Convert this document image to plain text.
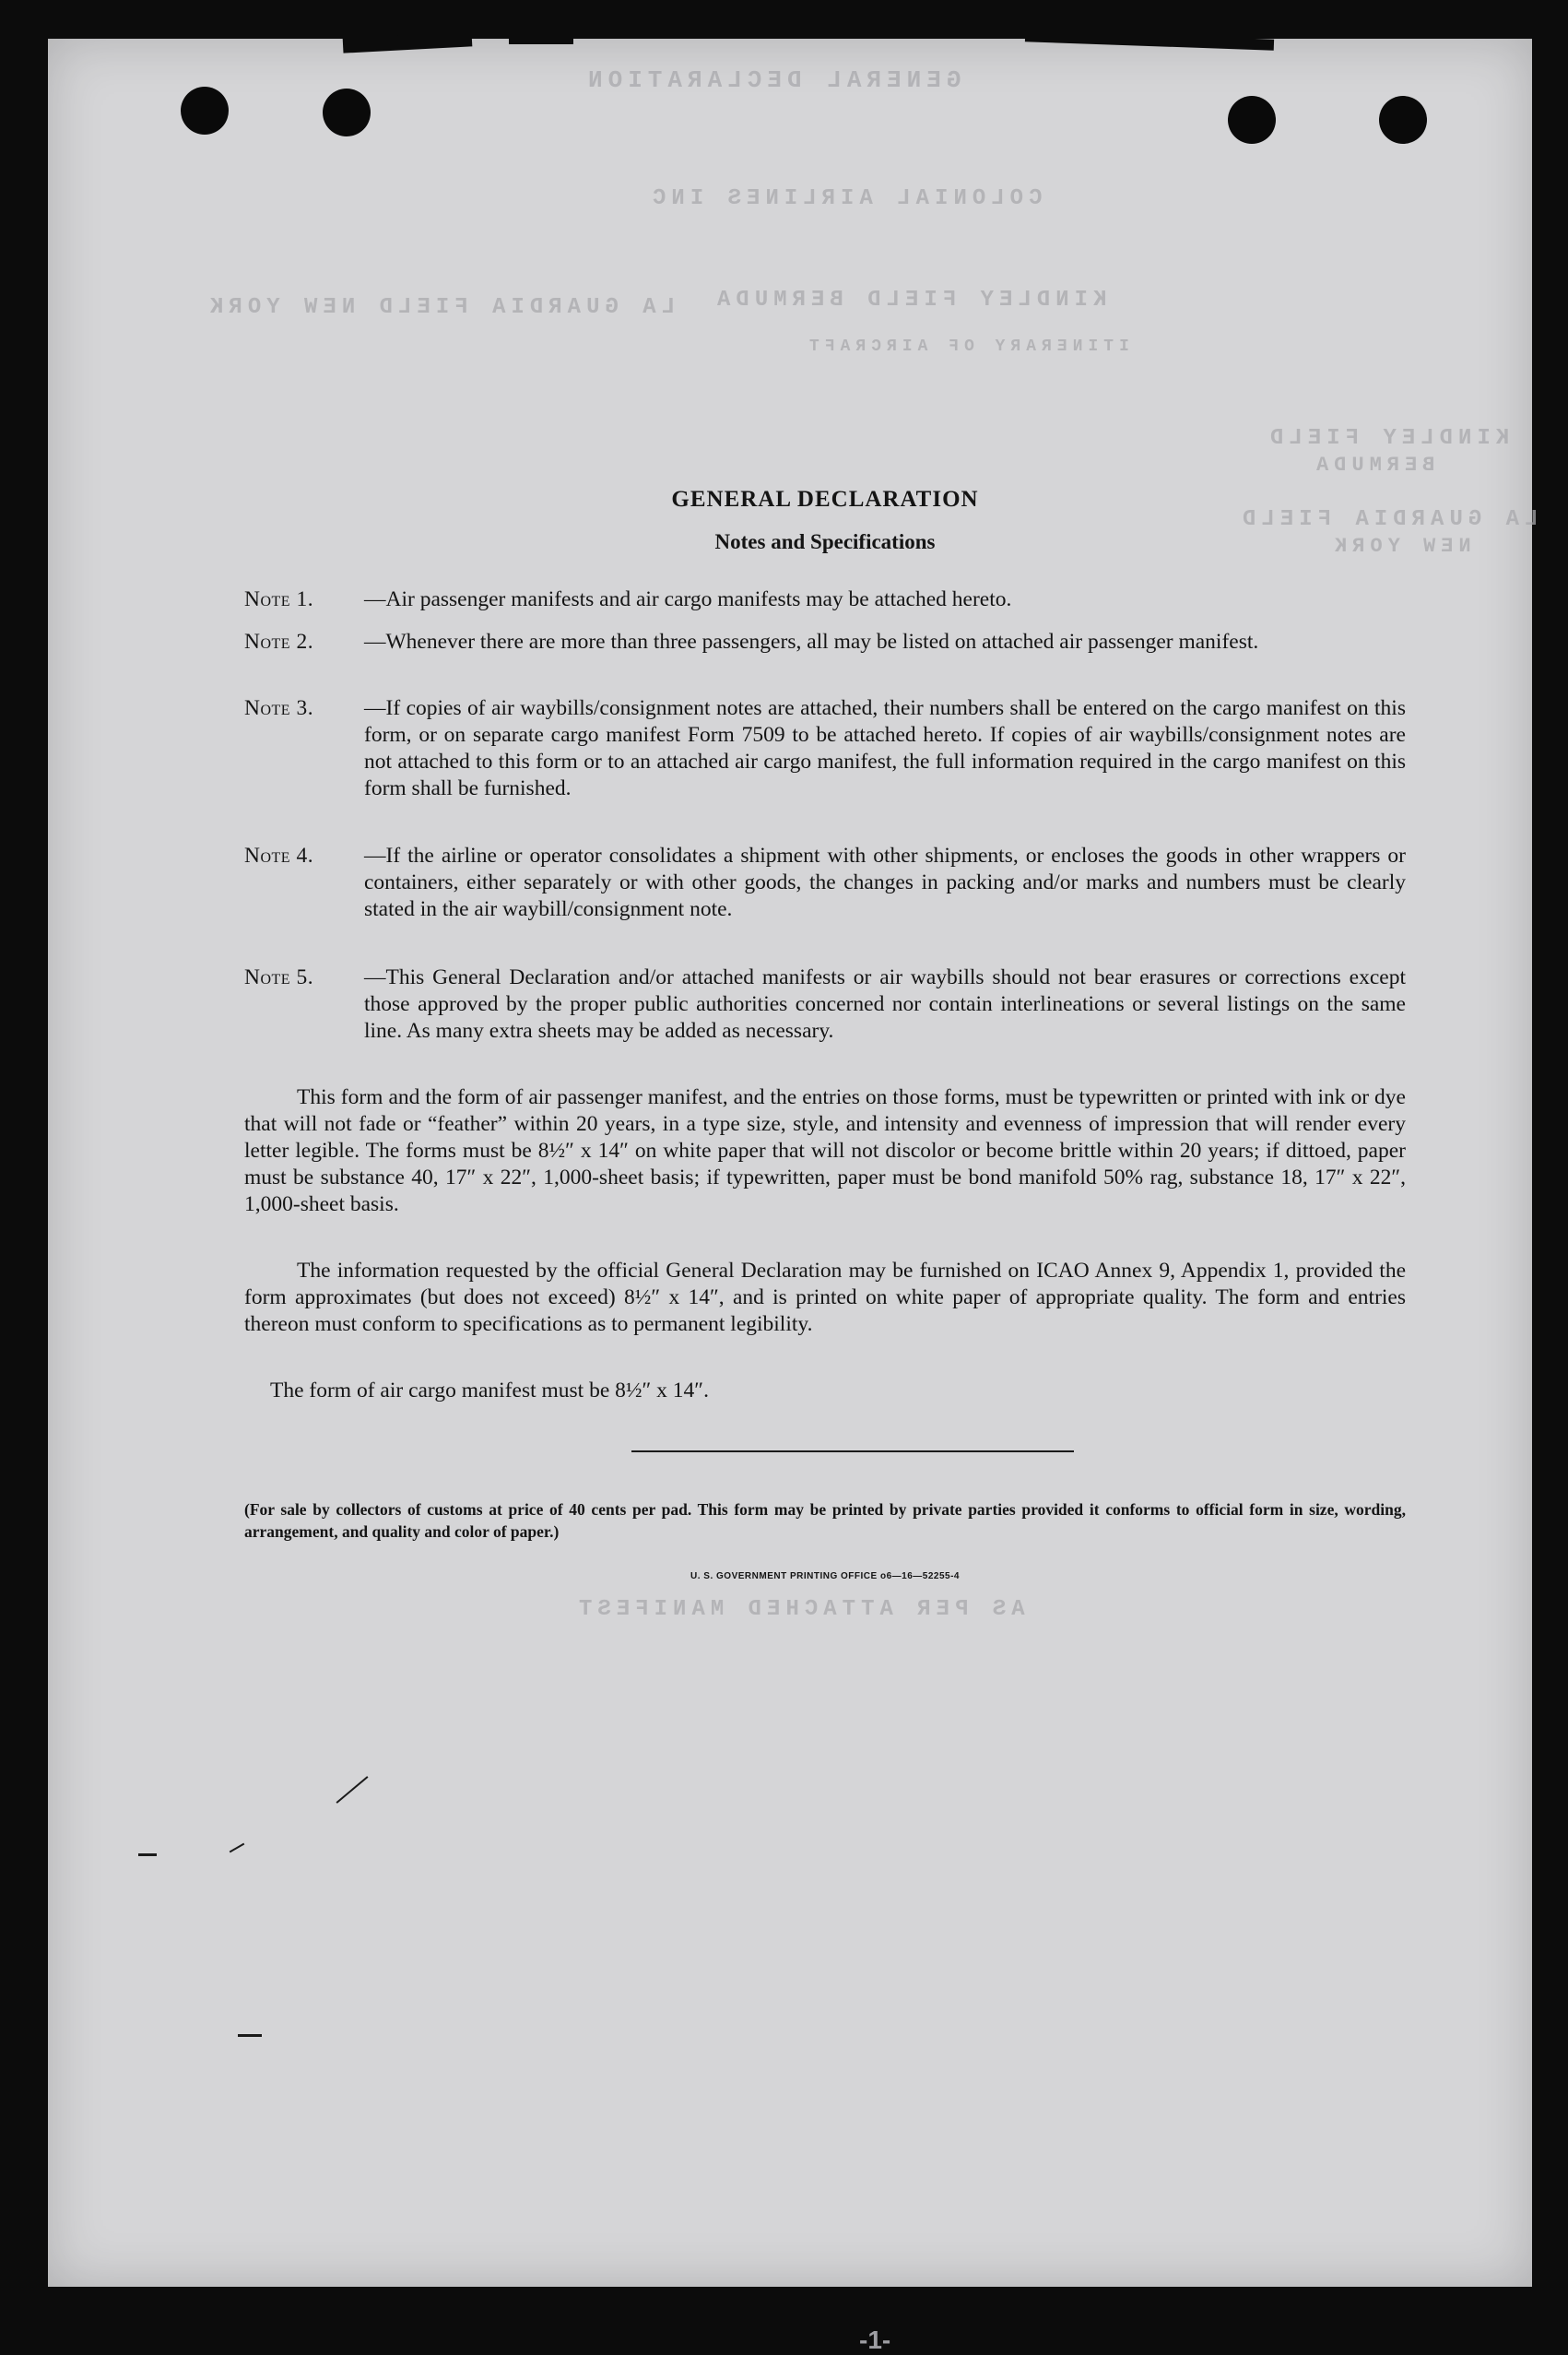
GENERAL DECLARATION
COLONIAL AIRLINES INC
KINDLEY FIELD BERMUDA
LA GUARDIA FIELD NEW YORK
ITINERARY OF AIRCRAFT
KINDLEY FIELD
BERMUDA
LA GUARDIA FIELD
NEW YORK
AS PER ATTACHED MANIFEST
-1-
GENERAL DECLARATION
Notes and Specifications
Note 1.	—Air passenger manifests and air cargo manifests may be attached hereto.
Note 2.	—Whenever there are more than three passengers, all may be listed on attached air passenger manifest.
Note 3.	—If copies of air waybills/consignment notes are attached, their numbers shall be entered on the cargo manifest on this form, or on separate cargo manifest Form 7509 to be attached hereto. If copies of air waybills/consignment notes are not attached to this form or to an attached air cargo manifest, the full information required in the cargo manifest on this form shall be furnished.
Note 4.	—If the airline or operator consolidates a shipment with other shipments, or encloses the goods in other wrappers or containers, either separately or with other goods, the changes in packing and/or marks and numbers must be clearly stated in the air waybill/consignment note.
Note 5.	—This General Declaration and/or attached manifests or air waybills should not bear erasures or corrections except those approved by the proper public authorities concerned nor contain interlineations or several listings on the same line. As many extra sheets may be added as necessary.
This form and the form of air passenger manifest, and the entries on those forms, must be typewritten or printed with ink or dye that will not fade or “feather” within 20 years, in a type size, style, and intensity and evenness of impression that will render every letter legible. The forms must be 8½″ x 14″ on white paper that will not discolor or become brittle within 20 years; if dittoed, paper must be substance 40, 17″ x 22″, 1,000-sheet basis; if typewritten, paper must be bond manifold 50% rag, substance 18, 17″ x 22″, 1,000-sheet basis.
The information requested by the official General Declaration may be furnished on ICAO Annex 9, Appendix 1, provided the form approximates (but does not exceed) 8½″ x 14″, and is printed on white paper of appropriate quality. The form and entries thereon must conform to specifications as to permanent legibility.
The form of air cargo manifest must be 8½″ x 14″.
(For sale by collectors of customs at price of 40 cents per pad. This form may be printed by private parties provided it conforms to official form in size, wording, arrangement, and quality and color of paper.)
U. S. GOVERNMENT PRINTING OFFICE o6—16—52255-4
